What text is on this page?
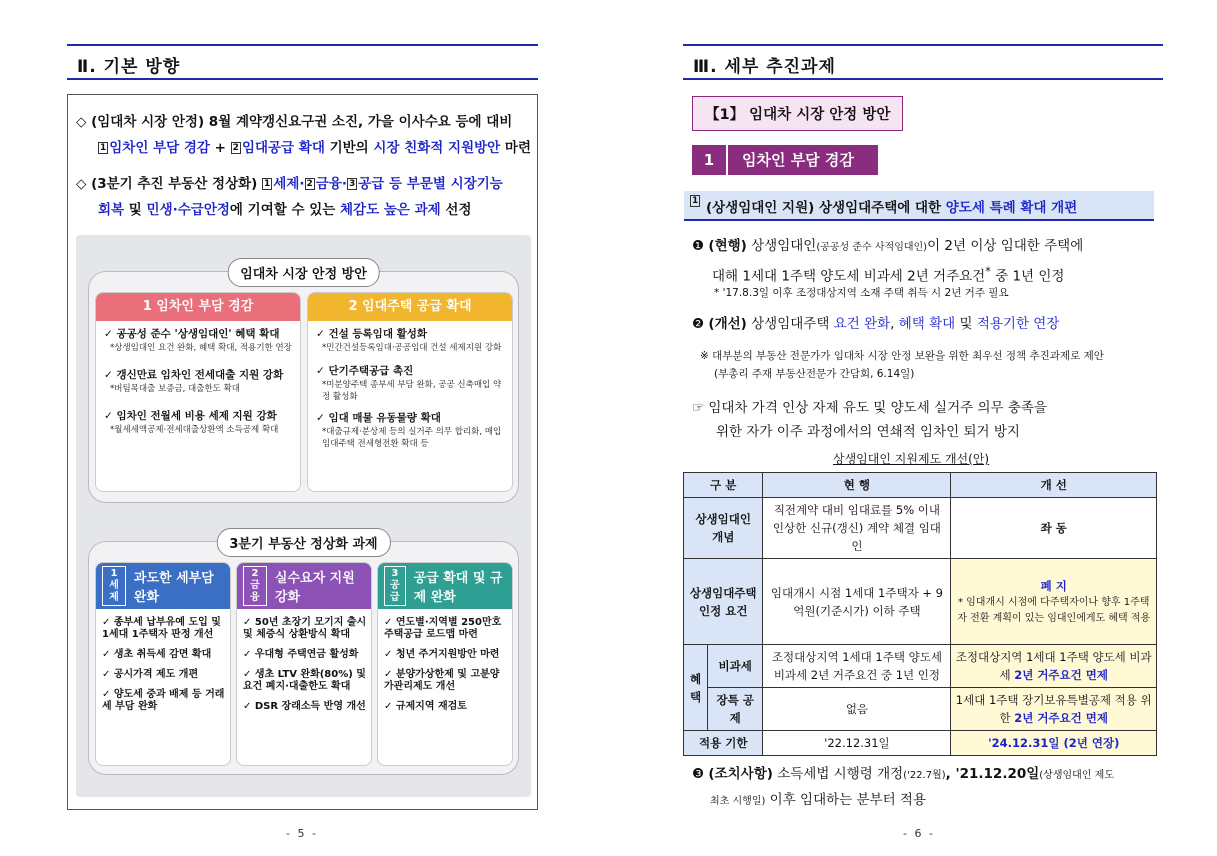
Ⅱ. 기본 방향
◇ (임대차 시장 안정) 8월 계약갱신요구권 소진, 가을 이사수요 등에 대비
$^1$ 임차인 부담 경감 + $^2$ 임대공급 확대 기반의 시장 친화적 지원방안 마련
◇ (3분기 추진 부동산 정상화) $^1$ 세제· $^2$ 금융· $^3$ 공급 등 부문별 시장기능
회복 및 민생·수급안정에 기여할 수 있는 체감도 높은 과제 선정
임대차 시장 안정 방안
1 임차인 부담 경감
✓ 공공성 준수 '상생임대인' 혜택 확대
*상생임대인 요건 완화, 혜택 확대, 적용기한 연장
✓ 갱신만료 임차인 전세대출 지원 강화
*버팀목대출 보증금, 대출한도 확대
✓ 임차인 전월세 비용 세제 지원 강화
*월세세액공제·전세대출상환액 소득공제 확대
2 임대주택 공급 확대
✓ 건설 등록임대 활성화
*민간건설등록임대·공공임대 건설 세제지원 강화
✓ 단기주택공급 촉진
*미분양주택 종부세 부담 완화, 공공 신축매입 약정 활성화
✓ 임대 매물 유동물량 확대
*대출규제·분상제 등의 실거주 의무 합리화, 매입 임대주택 전세형전환 확대 등
3분기 부동산 정상화 과제
1
세제
과도한 세부담 완화
✓ 종부세 납부유예 도입 및 1세대 1주택자 판정 개선
✓ 생초 취득세 감면 확대
✓ 공시가격 제도 개편
✓ 양도세 중과 배제 등 거래세 부담 완화
2
금융
실수요자 지원 강화
✓ 50년 초장기 모기지 출시 및 체증식 상환방식 확대
✓ 우대형 주택연금 활성화
✓ 생초 LTV 완화(80%) 및 요건 폐지·대출한도 확대
✓ DSR 장래소득 반영 개선
3
공급
공급 확대 및 규제 완화
✓ 연도별·지역별 250만호 주택공급 로드맵 마련
✓ 청년 주거지원방안 마련
✓ 분양가상한제 및 고분양가관리제도 개선
✓ 규제지역 재검토
- 5 -
Ⅲ. 세부 추진과제
【1】 임대차 시장 안정 방안
1 임차인 부담 경감
$^1$ (상생임대인 지원) 상생임대주택에 대한 양도세 특례 확대 개편
❶ (현행) 상생임대인(공공성 준수 사적임대인)이 2년 이상 임대한 주택에
대해 1세대 1주택 양도세 비과세 2년 거주요건* 중 1년 인정
* '17.8.3일 이후 조정대상지역 소재 주택 취득 시 2년 거주 필요
❷ (개선) 상생임대주택 요건 완화, 혜택 확대 및 적용기한 연장
※ 대부분의 부동산 전문가가 임대차 시장 안정 보완을 위한 최우선 정책 추진과제로 제안
(부총리 주재 부동산전문가 간담회, 6.14일)
☞ 임대차 가격 인상 자제 유도 및 양도세 실거주 의무 충족을
위한 자가 이주 과정에서의 연쇄적 임차인 퇴거 방지
상생임대인 지원제도 개선(안)
구 분		현 행	개 선
상생임대인 개념		직전계약 대비 임대료를 5% 이내 인상한 신규(갱신) 계약 체결 임대인	좌 동
상생임대주택 인정 요건		임대개시 시점 1세대 1주택자 + 9억원(기준시가) 이하 주택	폐 지
* 임대개시 시점에 다주택자이나 향후 1주택자 전환 계획이 있는 임대인에게도 혜택 적용

혜택	비과세	조정대상지역 1세대 1주택 양도세 비과세 2년 거주요건 중 1년 인정	조정대상지역 1세대 1주택 양도세 비과세 2년 거주요건 면제
	장특 공제	없음	1세대 1주택 장기보유특별공제 적용 위한 2년 거주요건 면제
적용 기한		'22.12.31일	'24.12.31일 (2년 연장)
❸ (조치사항) 소득세법 시행령 개정('22.7월), '21.12.20일(상생임대인 제도
최초 시행일) 이후 임대하는 분부터 적용
- 6 -
